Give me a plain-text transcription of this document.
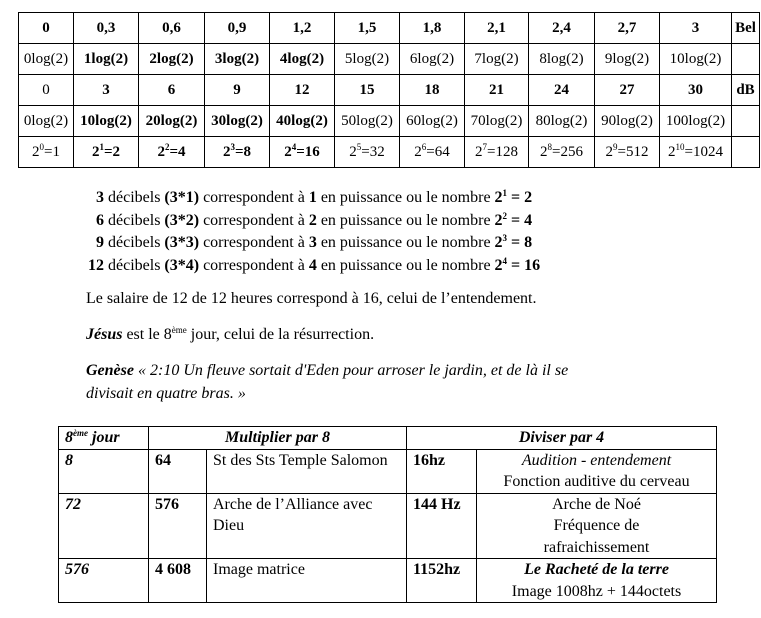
0	0,3	0,6	0,9	1,2	1,5	1,8	2,1	2,4	2,7	3	Bel
0log(2)	1log(2)	2log(2)	3log(2)	4log(2)	5log(2)	6log(2)	7log(2)	8log(2)	9log(2)	10log(2)	
0	3	6	9	12	15	18	21	24	27	30	dB
0log(2)	10log(2)	20log(2)	30log(2)	40log(2)	50log(2)	60log(2)	70log(2)	80log(2)	90log(2)	100log(2)	
$2^0=1$	$2^1=2$	$2^2=4$	$2^3=8$	$2^4=16$	$2^5=32$	$2^6=64$	$2^7=128$	$2^8=256$	$2^9=512$	$2^{10}=1024$	
3 décibels (3*1) correspondent à 1 en puissance ou le nombre $2^1 = 2$
6 décibels (3*2) correspondent à 2 en puissance ou le nombre $2^2 = 4$
9 décibels (3*3) correspondent à 3 en puissance ou le nombre $2^3 = 8$
12 décibels (3*4) correspondent à 4 en puissance ou le nombre $2^4 = 16$
Le salaire de 12 de 12 heures correspond à 16, celui de l’entendement.
Jésus est le 8ème jour, celui de la résurrection.
Genèse « 2:10 Un fleuve sortait d'Eden pour arroser le jardin, et de là il se
divisait en quatre bras. »
8ème jour	Multiplier par 8		Diviser par 4	
8	64	St des Sts Temple Salomon	16hz	Audition - entendement
Fonction auditive du cerveau
72	576	Arche de l’Alliance avec Dieu	144 Hz	Arche de Noé
Fréquence de
rafraichissement
576	4 608	Image matrice	1152hz	Le Racheté de la terre
Image 1008hz + 144octets
